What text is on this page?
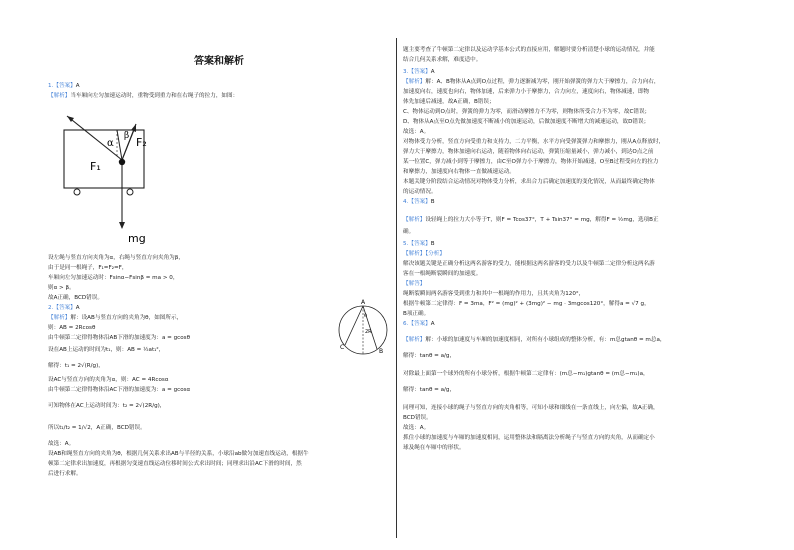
答案和解析
1.【答案】A
【解析】当车厢向左匀加速运动时，重物受到重力和在右绳子的拉力，如图：
设左绳与竖直方向夹角为α，右绳与竖直方向夹角为β，
由于是同一根绳子，F₁=F₂=F，
车厢向左匀加速运动时：Fsinα−Fsinβ = ma > 0，
则α > β。
故A正确，BCD错误。
2.【答案】A
【解析】解：设AB与竖直方向的夹角为θ，如图所示，
则：AB = 2Rcosθ
由牛顿第二定律得物体沿AB下滑的加速度为：a = gcosθ
设在AB上运动的时间为t₁，则：AB = ½at₁²，
解得：t₁ = 2√(R/g)，
设AC与竖直方向的夹角为α，则：AC = 4Rcosα
由牛顿第二定律得物体沿AC下滑的加速度为：a = gcosα
可知物体在AC上运动时间为：t₂ = 2√(2R/g)，
所以t₁/t₂ = 1/√2，A正确，BCD错误。
故选：A。
设AB和绳竖直方向的夹角为θ，根据几何关系求出AB与半径的关系，小球沿ab做匀加速直线运动，根据牛
顿第二定律求出加速度，再根据匀变速直线运动位移时间公式求出时间；同理求出沿AC下滑的时间，然
后进行求解。
题主要考查了牛顿第二定律以及运动学基本公式的直接应用，解题时要分析清楚小球的运动情况，并能
结合几何关系求解，难度适中。
3.【答案】A
【解析】解：A、B物体从A点到O点过程，弹力逐渐减为零，刚开始弹簧的弹力大于摩擦力，合力向右，
加速度向右，速度也向右，物体加速，后来弹力小于摩擦力，合力向左，速度向右，物体减速，即物
体先加速后减速，故A正确，B错误；
C、物体运动到O点时，弹簧的弹力为零，而滑动摩擦力不为零，则物体所受合力不为零，故C错误；
D、物体从A点至O点先做加速度不断减小的加速运动，后做加速度不断增大的减速运动，故D错误；
故选：A。
对物体受力分析，竖直方向受重力和支持力，二力平衡，水平方向受弹簧弹力和摩擦力，刚从A点释放时，
弹力大于摩擦力，物体加速向右运动，随着物体向右运动，弹簧压缩量减小，弹力减小，到达O点之前
某一位置C，弹力减小到等于摩擦力，由C至O弹力小于摩擦力，物体开始减速，O至B过程受向左的拉力
和摩擦力，加速度向右物体一直做减速运动。
本题关键分阶段结合运动情况对物体受力分析，求出合力后确定加速度的变化情况，从而最终确定物体
的运动情况。
4.【答案】B
【解析】设轻绳上的拉力大小等于T，则F = Tcos37°，T + Tsin37° = mg，解得F = ½mg，选项B正
确。
5.【答案】B
【解析】【分析】
解决该题关键是正确分析这两名游客的受力，能根据这两名游客的受力以及牛顿第二定律分析这两名游
客在一根绳断裂瞬间的加速度。
【解答】
绳断裂瞬间两名游客受到重力和其中一根绳的作用力，且其夹角为120°，
根据牛顿第二定律得：F = 3ma，F² = (mg)² + (3mg)² − mg · 3mgcos120°，解得a = √7 g，
B项正确。
6.【答案】A
【解析】解：小球的加速度与车厢的加速度相同，对所有小球组成的整体分析，有：m总gtanθ = m总a，
解得：tanθ = a/g，
对除最上面第一个球外的所有小球分析，根据牛顿第二定律有：(m总−m₁)gtanθ = (m总−m₁)a，
解得：tanθ = a/g，
同理可知，连接小球的绳子与竖直方向的夹角相等，可知小球和细线在一条直线上，向左偏，故A正确，
BCD错误。
故选：A。
抓住小球的加速度与车厢的加速度相同，运用整体法和隔离法分析绳子与竖直方向的夹角，从而确定小
球及绳在车厢中的形状。
α
β
F₁
F₂
mg
A
B
C
θ
2R
